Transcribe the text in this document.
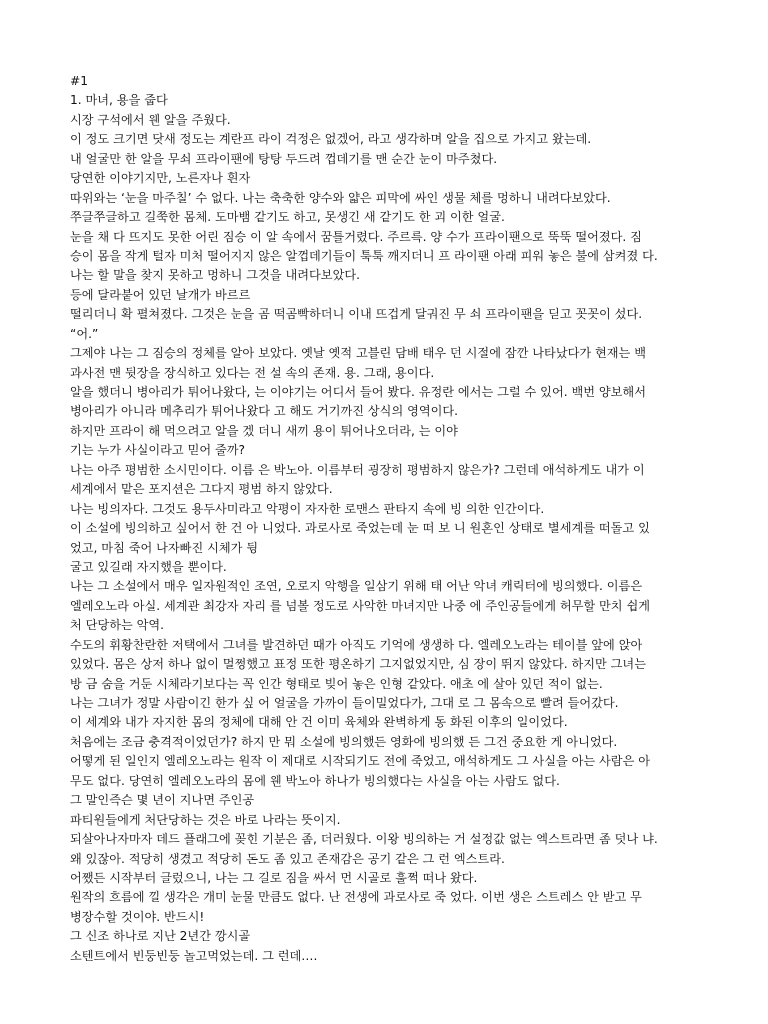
#1
1. 마녀, 용을 줍다
시장 구석에서 웬 알을 주웠다.
이 정도 크기면 닷새 정도는 계란프 라이 걱정은 없겠어, 라고 생각하며 알을 집으로 가지고 왔는데.
내 얼굴만 한 알을 무쇠 프라이팬에 탕탕 두드려 껍데기를 맨 순간 눈이 마주쳤다.
당연한 이야기지만, 노른자나 흰자
따위와는 ‘눈을 마주칠’ 수 없다. 나는 축축한 양수와 얇은 피막에 싸인 생물 체를 멍하니 내려다보았다.
쭈글쭈글하고 길쭉한 몸체. 도마뱀 같기도 하고, 못생긴 새 같기도 한 괴 이한 얼굴.
눈을 채 다 뜨지도 못한 어린 짐승 이 알 속에서 꿈틀거렸다. 주르륵. 양 수가 프라이팬으로 뚝뚝 떨어졌다. 짐
승이 몸을 작게 털자 미처 떨어지지 않은 알껍데기들이 툭툭 깨지더니 프 라이팬 아래 피워 놓은 불에 삼켜졌 다.
나는 할 말을 찾지 못하고 멍하니 그것을 내려다보았다.
등에 달라붙어 있던 날개가 바르르
떨리더니 확 펼쳐졌다. 그것은 눈을 곰 떡곰빡하더니 이내 뜨겁게 달궈진 무 쇠 프라이팬을 딛고 꼿꼿이 섰다.
“어.”
그제야 나는 그 짐승의 정체를 알아 보았다. 옛날 옛적 고블린 담배 태우 던 시절에 잠깐 나타났다가 현재는 백
과사전 맨 뒷장을 장식하고 있다는 전 설 속의 존재. 용. 그래, 용이다.
알을 했더니 병아리가 튀어나왔다, 는 이야기는 어디서 들어 봤다. 유정란 에서는 그럴 수 있어. 백번 양보해서
병아리가 아니라 메추리가 튀어나왔다 고 해도 거기까진 상식의 영역이다.
하지만 프라이 해 먹으려고 알을 겠 더니 새끼 용이 튀어나오더라, 는 이야
기는 누가 사실이라고 믿어 줄까?
나는 아주 평범한 소시민이다. 이름 은 박노아. 이름부터 굉장히 평범하지 않은가? 그런데 애석하게도 내가 이
세계에서 맡은 포지션은 그다지 평범 하지 않았다.
나는 빙의자다. 그것도 용두사미라고 악평이 자자한 로맨스 판타지 속에 빙 의한 인간이다.
이 소설에 빙의하고 싶어서 한 건 아 니었다. 과로사로 죽었는데 눈 떠 보 니 원혼인 상태로 별세계를 떠돌고 있
었고, 마침 죽어 나자빠진 시체가 뒹
굴고 있길래 자지했을 뿐이다.
나는 그 소설에서 매우 일자원적인 조연, 오로지 악행을 일삼기 위해 태 어난 악녀 캐릭터에 빙의했다. 이름은
엘레오노라 아실. 세계관 최강자 자리 를 넘볼 정도로 사악한 마녀지만 나중 에 주인공들에게 허무할 만치 쉽게
처 단당하는 악역.
수도의 휘황찬란한 저택에서 그녀를 발견하던 때가 아직도 기억에 생생하 다. 엘레오노라는 테이블 앞에 앉아
있었다. 몸은 상저 하나 없이 멀쩡했고 표정 또한 평온하기 그지없었지만, 심 장이 뛰지 않았다. 하지만 그녀는
방 금 숨을 거둔 시체라기보다는 꼭 인간 형태로 빚어 놓은 인형 같았다. 애초 에 살아 있던 적이 없는.
나는 그녀가 정말 사람이긴 한가 싶 어 얼굴을 가까이 들이밀었다가, 그대 로 그 몸속으로 빨려 들어갔다.
이 세계와 내가 자지한 몸의 정체에 대해 안 건 이미 육체와 완벽하게 동 화된 이후의 일이었다.
처음에는 조금 충격적이었던가? 하지 만 뭐 소설에 빙의했든 영화에 빙의했 든 그건 중요한 게 아니었다.
어떻게 된 일인지 엘레오노라는 원작 이 제대로 시작되기도 전에 죽었고, 애석하게도 그 사실을 아는 사람은 아
무도 없다. 당연히 엘레오노라의 몸에 웬 박노아 하나가 빙의했다는 사실을 아는 사람도 없다.
그 말인즉슨 몇 년이 지나면 주인공
파티원들에게 처단당하는 것은 바로 나라는 뜻이지.
되살아나자마자 데드 플래그에 꽂힌 기분은 좀, 더러웠다. 이왕 빙의하는 거 설정값 없는 엑스트라면 좀 덧나 냐.
왜 있잖아. 적당히 생겼고 적당히 돈도 좀 있고 존재감은 공기 같은 그 런 엑스트라.
어쨌든 시작부터 글렀으니, 나는 그 길로 짐을 싸서 먼 시골로 훌쩍 떠나 왔다.
원작의 흐름에 낄 생각은 개미 눈물 만큼도 없다. 난 전생에 과로사로 죽 었다. 이번 생은 스트레스 안 받고 무
병장수할 것이야. 반드시!
그 신조 하나로 지난 2년간 깡시골
소텐트에서 빈둥빈둥 놀고먹었는데. 그 런데….
